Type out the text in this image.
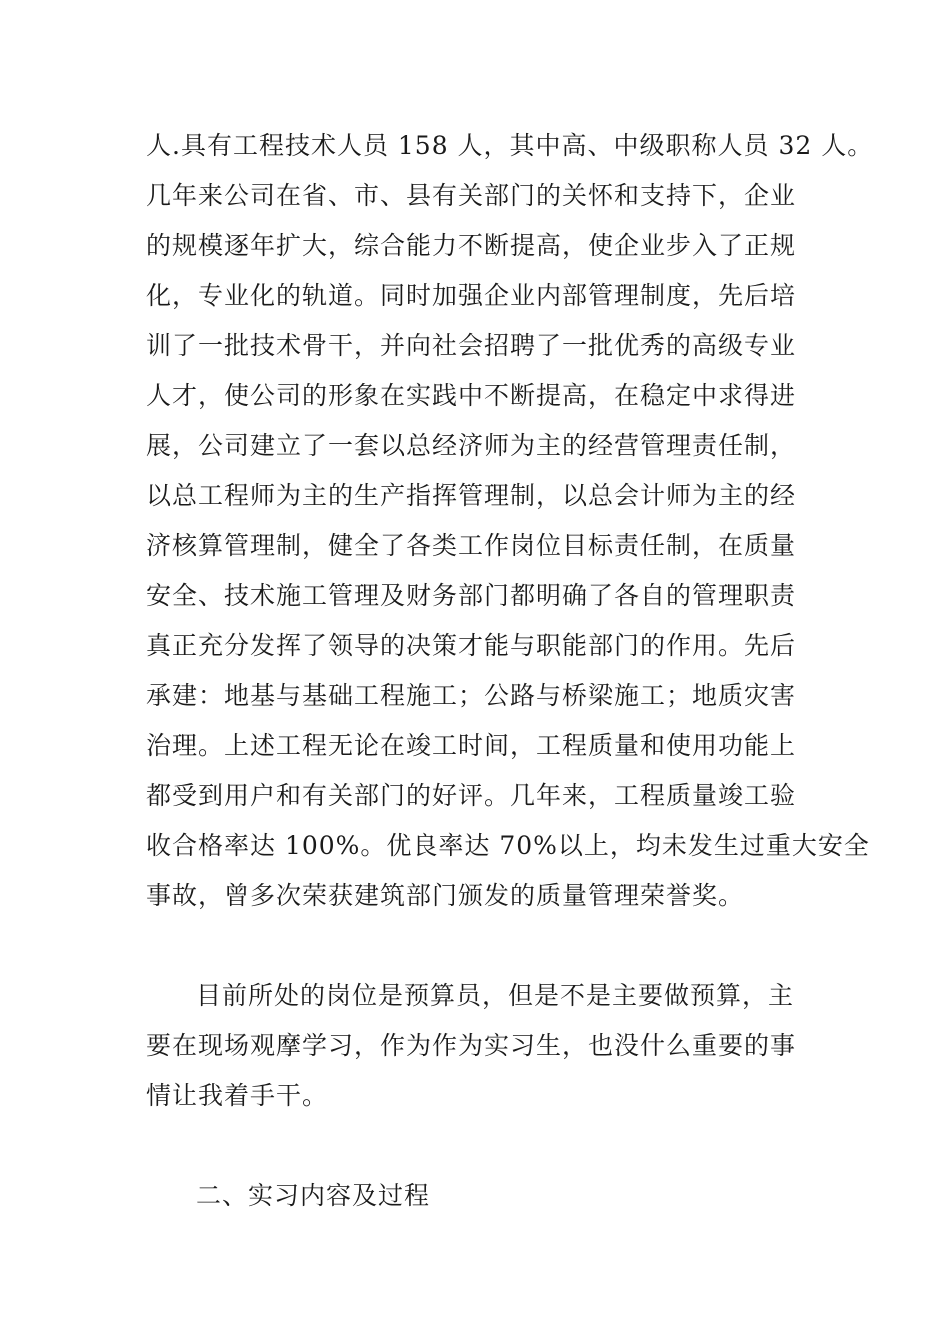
人.具有工程技术人员 158 人，其中高、中级职称人员 32 人。
几年来公司在省、市、县有关部门的关怀和支持下，企业
的规模逐年扩大，综合能力不断提高，使企业步入了正规
化，专业化的轨道。同时加强企业内部管理制度，先后培
训了一批技术骨干，并向社会招聘了一批优秀的高级专业
人才，使公司的形象在实践中不断提高，在稳定中求得进
展，公司建立了一套以总经济师为主的经营管理责任制，
以总工程师为主的生产指挥管理制，以总会计师为主的经
济核算管理制，健全了各类工作岗位目标责任制，在质量
安全、技术施工管理及财务部门都明确了各自的管理职责
真正充分发挥了领导的决策才能与职能部门的作用。先后
承建：地基与基础工程施工；公路与桥梁施工；地质灾害
治理。上述工程无论在竣工时间，工程质量和使用功能上
都受到用户和有关部门的好评。几年来，工程质量竣工验
收合格率达 100%。优良率达 70%以上，均未发生过重大安全
事故，曾多次荣获建筑部门颁发的质量管理荣誉奖。
目前所处的岗位是预算员，但是不是主要做预算，主
要在现场观摩学习，作为作为实习生，也没什么重要的事
情让我着手干。
二、实习内容及过程
